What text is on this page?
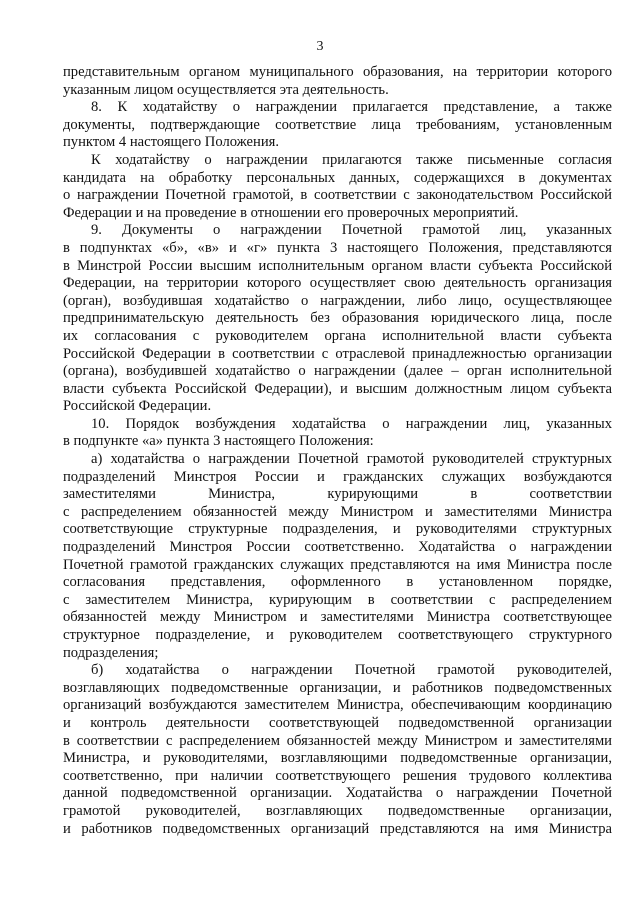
3
представительным органом муниципального образования, на территории которого
указанным лицом осуществляется эта деятельность.
8. К ходатайству о награждении прилагается представление, а также
документы, подтверждающие соответствие лица требованиям, установленным
пунктом 4 настоящего Положения.
К ходатайству о награждении прилагаются также письменные согласия
кандидата на обработку персональных данных, содержащихся в документах
о награждении Почетной грамотой, в соответствии с законодательством Российской
Федерации и на проведение в отношении его проверочных мероприятий.
9. Документы о награждении Почетной грамотой лиц, указанных
в подпунктах «б», «в» и «г» пункта 3 настоящего Положения, представляются
в Минстрой России высшим исполнительным органом власти субъекта Российской
Федерации, на территории которого осуществляет свою деятельность организация
(орган), возбудившая ходатайство о награждении, либо лицо, осуществляющее
предпринимательскую деятельность без образования юридического лица, после
их согласования с руководителем органа исполнительной власти субъекта
Российской Федерации в соответствии с отраслевой принадлежностью организации
(органа), возбудившей ходатайство о награждении (далее – орган исполнительной
власти субъекта Российской Федерации), и высшим должностным лицом субъекта
Российской Федерации.
10. Порядок возбуждения ходатайства о награждении лиц, указанных
в подпункте «а» пункта 3 настоящего Положения:
а) ходатайства о награждении Почетной грамотой руководителей структурных
подразделений Минстроя России и гражданских служащих возбуждаются
заместителями Министра, курирующими в соответствии
с распределением обязанностей между Министром и заместителями Министра
соответствующие структурные подразделения, и руководителями структурных
подразделений Минстроя России соответственно. Ходатайства о награждении
Почетной грамотой гражданских служащих представляются на имя Министра после
согласования представления, оформленного в установленном порядке,
с заместителем Министра, курирующим в соответствии с распределением
обязанностей между Министром и заместителями Министра соответствующее
структурное подразделение, и руководителем соответствующего структурного
подразделения;
б) ходатайства о награждении Почетной грамотой руководителей,
возглавляющих подведомственные организации, и работников подведомственных
организаций возбуждаются заместителем Министра, обеспечивающим координацию
и контроль деятельности соответствующей подведомственной организации
в соответствии с распределением обязанностей между Министром и заместителями
Министра, и руководителями, возглавляющими подведомственные организации,
соответственно, при наличии соответствующего решения трудового коллектива
данной подведомственной организации. Ходатайства о награждении Почетной
грамотой руководителей, возглавляющих подведомственные организации,
и работников подведомственных организаций представляются на имя Министра
